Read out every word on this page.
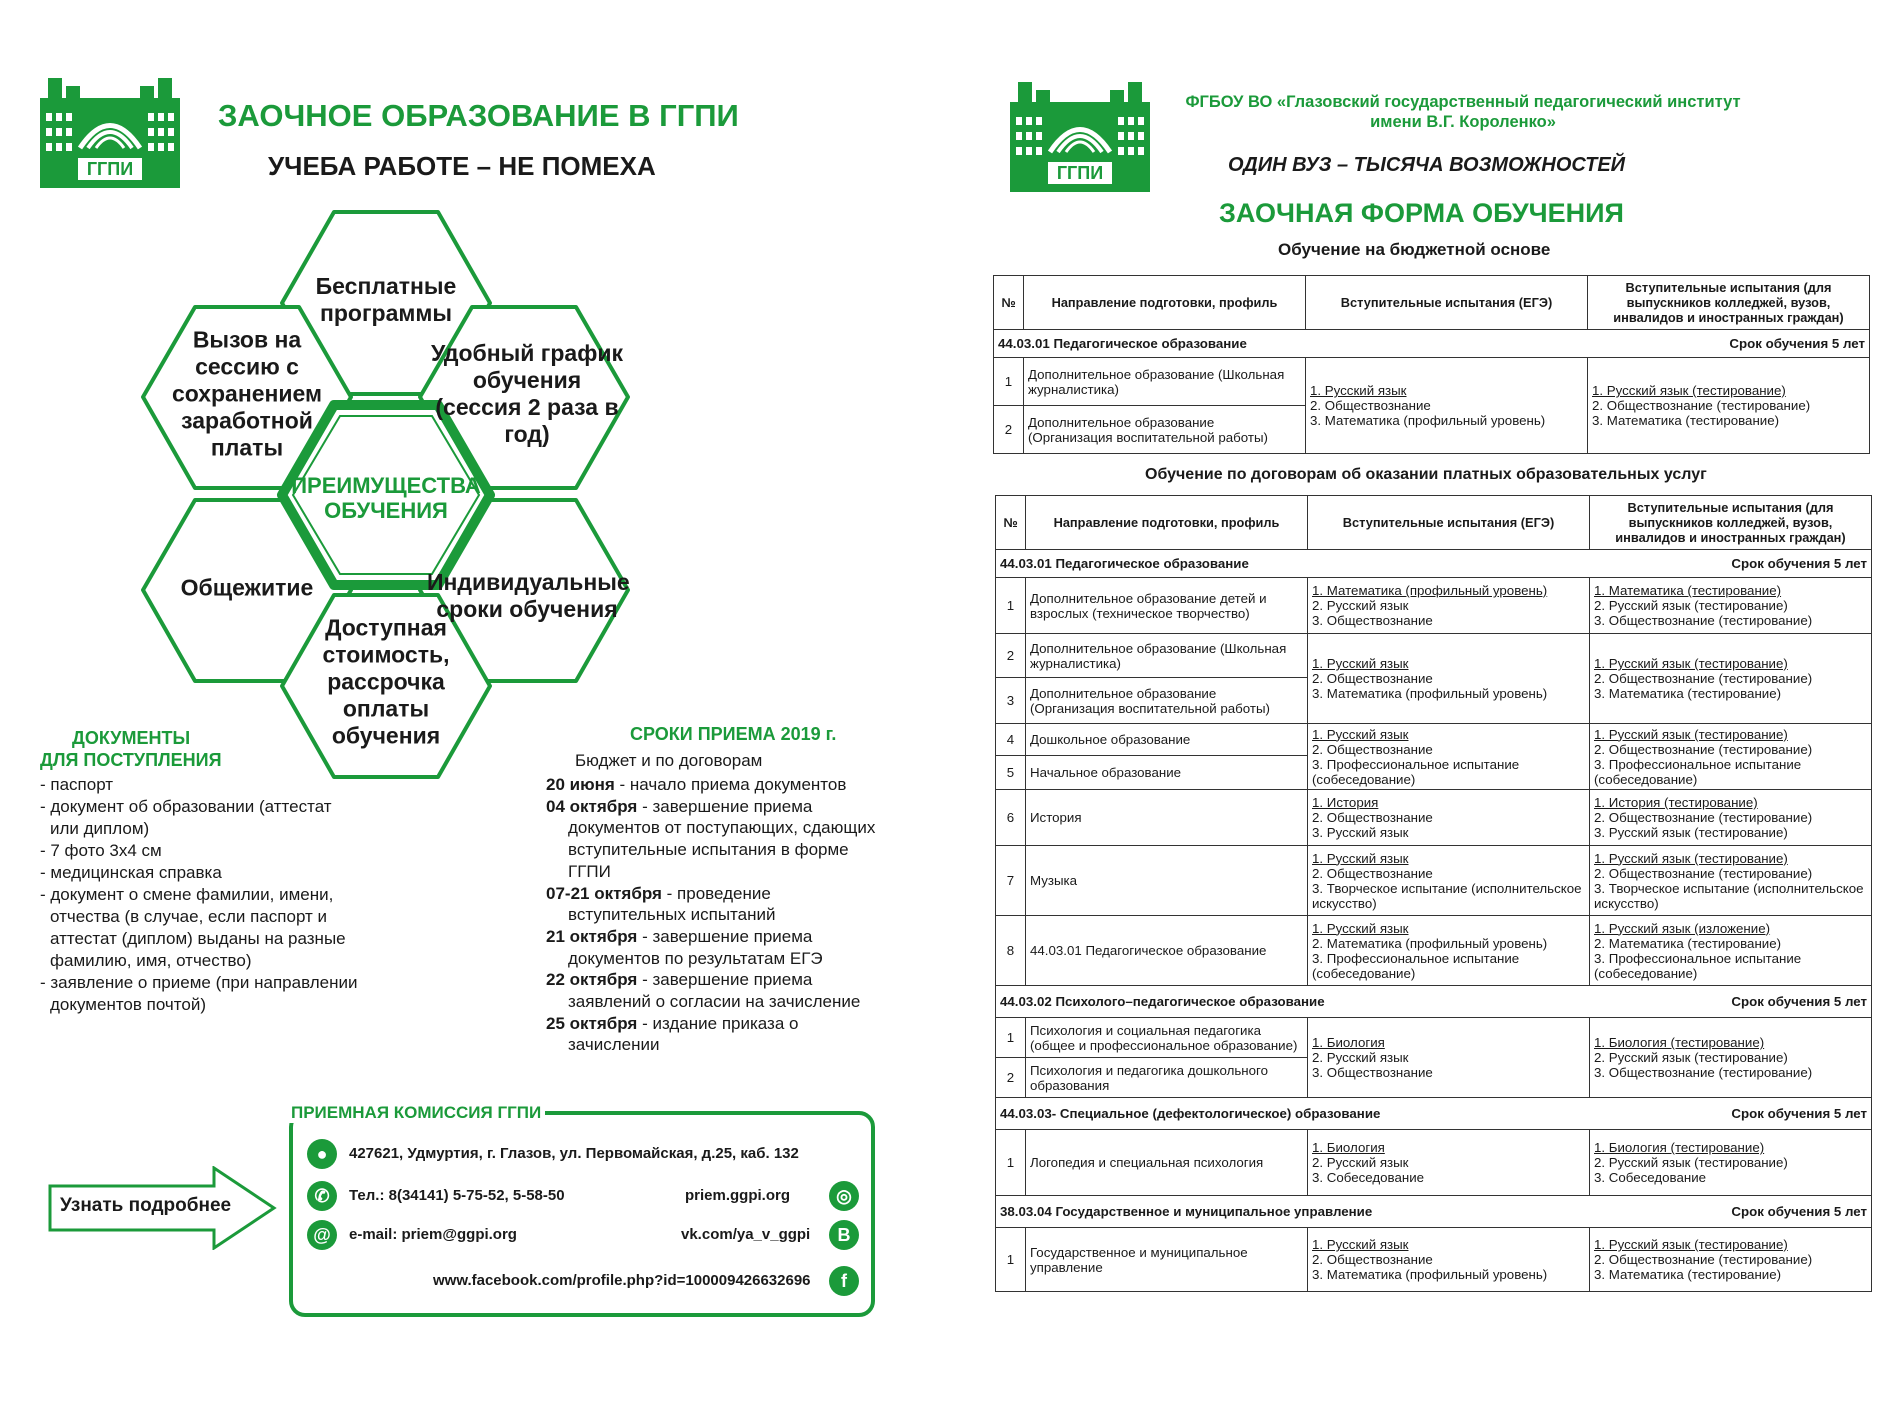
ГГПИ
ЗАОЧНОЕ ОБРАЗОВАНИЕ В ГГПИ
УЧЕБА РАБОТЕ – НЕ ПОМЕХА
Бесплатные программы
Вызов на сессию с сохранением заработной платы
Удобный график обучения (сессия 2 раза в год)
Общежитие	Индивидуальные сроки обучения
Доступная стоимость, рассрочка оплаты обучения
ПРЕИМУЩЕСТВА ОБУЧЕНИЯ
ДОКУМЕНТЫ
ДЛЯ ПОСТУПЛЕНИЯ
- паспорт
- документ об образовании (аттестат или диплом)
- 7 фото 3х4 см
- медицинская справка
- документ о смене фамилии, имени, отчества (в случае, если паспорт и аттестат (диплом) выданы на разные фамилию, имя, отчество)
- заявление о приеме (при направлении документов почтой)
СРОКИ ПРИЕМА 2019 г.
Бюджет и по договорам
20 июня - начало приема документов
04 октября - завершение приема документов от поступающих, сдающих вступительные испытания в форме ГГПИ
07-21 октября - проведение вступительных испытаний
21 октября - завершение приема документов по результатам ЕГЭ
22 октября - завершение приема заявлений о согласии на зачисление
25 октября - издание приказа о зачислении
Узнать подробнее
ПРИЕМНАЯ КОМИССИЯ ГГПИ
●	427621, Удмуртия, г. Глазов, ул. Первомайская, д.25, каб. 132
✆	Тел.: 8(34141) 5-75-52, 5-58-50	priem.ggpi.org	◎
@	e-mail: priem@ggpi.org	vk.com/ya_v_ggpi	B
www.facebook.com/profile.php?id=100009426632696	f
ГГПИ
ФГБОУ ВО «Глазовский государственный педагогический институт
имени В.Г. Короленко»
ОДИН ВУЗ – ТЫСЯЧА ВОЗМОЖНОСТЕЙ
ЗАОЧНАЯ ФОРМА ОБУЧЕНИЯ
Обучение на бюджетной основе
№	Направление подготовки, профиль	Вступительные испытания (ЕГЭ)	Вступительные испытания (для выпускников колледжей, вузов, инвалидов и иностранных граждан)
44.03.01 Педагогическое образование Срок обучения 5 лет			

1	Дополнительное образование (Школьная журналистика)	1. Русский язык
2. Обществознание
3. Математика (профильный уровень)	1. Русский язык (тестирование)
2. Обществознание (тестирование)
3. Математика (тестирование)
2	Дополнительное образование (Организация воспитательной работы)		
Обучение по договорам об оказании платных образовательных услуг
№	Направление подготовки, профиль	Вступительные испытания (ЕГЭ)	Вступительные испытания (для выпускников колледжей, вузов, инвалидов и иностранных граждан)
44.03.01 Педагогическое образование Срок обучения 5 лет			

1	Дополнительное образование детей и взрослых (техническое творчество)	1. Математика (профильный уровень)
2. Русский язык
3. Обществознание	1. Математика (тестирование)
2. Русский язык (тестирование)
3. Обществознание (тестирование)
2	Дополнительное образование (Школьная журналистика)	1. Русский язык
2. Обществознание
3. Математика (профильный уровень)	1. Русский язык (тестирование)
2. Обществознание (тестирование)
3. Математика (тестирование)
3	Дополнительное образование (Организация воспитательной работы)		
4	Дошкольное образование	1. Русский язык
2. Обществознание
3. Профессиональное испытание (собеседование)	1. Русский язык (тестирование)
2. Обществознание (тестирование)
3. Профессиональное испытание (собеседование)
5	Начальное образование		
6	История	1. История
2. Обществознание
3. Русский язык	1. История (тестирование)
2. Обществознание (тестирование)
3. Русский язык (тестирование)
7	Музыка	1. Русский язык
2. Обществознание
3. Творческое испытание (исполнительское искусство)	1. Русский язык (тестирование)
2. Обществознание (тестирование)
3. Творческое испытание (исполнительское искусство)
8	44.03.01 Педагогическое образование	1. Русский язык
2. Математика (профильный уровень)
3. Профессиональное испытание (собеседование)	1. Русский язык (изложение)
2. Математика (тестирование)
3. Профессиональное испытание (собеседование)
44.03.02 Психолого–педагогическое образование Срок обучения 5 лет			

1	Психология и социальная педагогика (общее и профессиональное образование)	1. Биология
2. Русский язык
3. Обществознание	1. Биология (тестирование)
2. Русский язык (тестирование)
3. Обществознание (тестирование)
2	Психология и педагогика дошкольного образования		
44.03.03- Специальное (дефектологическое) образование Срок обучения 5 лет			

1	Логопедия и специальная психология	1. Биология
2. Русский язык
3. Собеседование	1. Биология (тестирование)
2. Русский язык (тестирование)
3. Собеседование
38.03.04 Государственное и муниципальное управление Срок обучения 5 лет			

1	Государственное и муниципальное управление	1. Русский язык
2. Обществознание
3. Математика (профильный уровень)	1. Русский язык (тестирование)
2. Обществознание (тестирование)
3. Математика (тестирование)
